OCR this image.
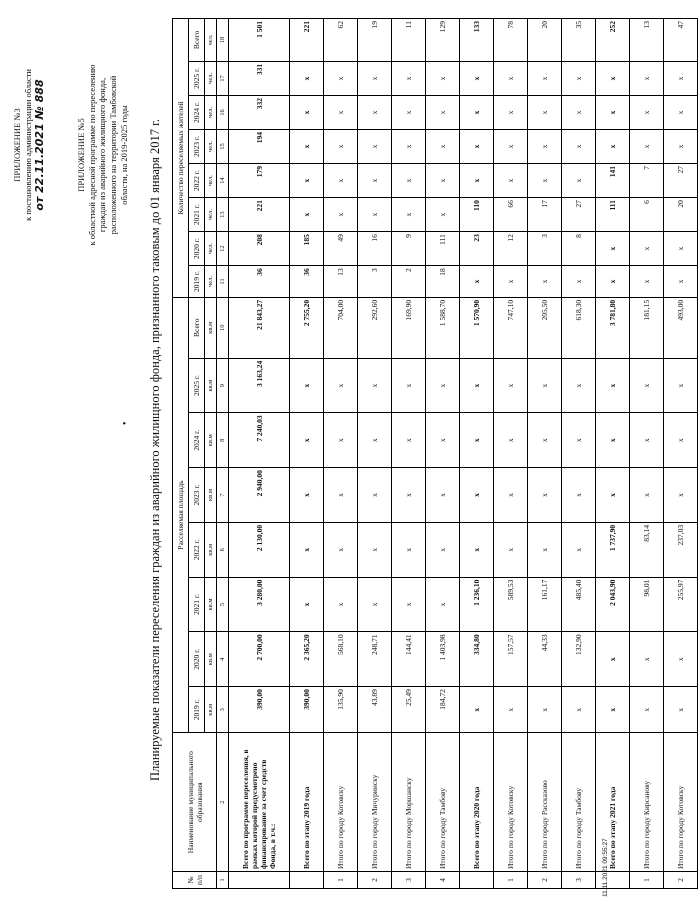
ПРИЛОЖЕНИЕ №3 к постановлению администрации области от 22.11.2021 № 888	ПРИЛОЖЕНИЕ №5 к областной адресной программе по переселению граждан из аварийного жилищного фонда, расположенного на территории Тамбовской области, на 2019-2025 годы
• Планируемые показатели переселения граждан из аварийного жилищного фонда, признанного таковым до 01 января 2017 г.
№ п/п	Наименование муниципального образования	Расселяемая площадь								Количество переселяемых жителей							
		2019 г.	2020 г.	2021 г.	2022 г.	2023 г.	2024 г.	2025 г.	Всего	2019 г.	2020 г.	2021 г.	2022 г.	2023 г.	2024 г.	2025 г.	Всего
		кв.м	кв.м	кв.м	кв.м	кв.м	кв.м	кв.м	кв.м	чел.	чел.	чел.	чел.	чел.	чел.	чел.	чел.
1	2	3	4	5	6	7	8	9	10	11	12	13	14	15	16	17	18
	Всего по программе переселения, в рамках которой предусмотрено финансирование за счет средств Фонда, в т.ч.:	390,00	2 700,00	3 280,00	2 130,00	2 940,00	7 240,03	3 163,24	21 843,27	36	208	221	179	194	332	331	1 501
	Всего по этапу 2019 года	390,00	2 365,20	x	x	x	x	x	2 755,20	36	185	x	x	x	x	x	221
1	Итого по городу Котовску	135,90	568,10	x	x	x	x	x	704,00	13	49	x	x	x	x	x	62
2	Итого по городу Мичуринску	43,89	248,71	x	x	x	x	x	292,60	3	16	x	x	x	x	x	19
3	Итого по городу Моршанску	25,49	144,41	x	x	x	x	x	169,90	2	9	x	x	x	x	x	11
4	Итого по городу Тамбову	184,72	1 403,98	x	x	x	x	x	1 588,70	18	111	x	x	x	x	x	129
	Всего по этапу 2020 года	x	334,80	1 236,10	x	x	x	x	1 570,90	x	23	110	x	x	x	x	133
1	Итого по городу Котовску	x	157,57	589,53	x	x	x	x	747,10	x	12	66	x	x	x	x	78
2	Итого по городу Рассказово	x	44,33	161,17	x	x	x	x	205,50	x	3	17	x	x	x	x	20
3	Итого по городу Тамбову	x	132,90	485,40	x	x	x	x	618,30	x	8	27	x	x	x	x	35
	Всего по этапу 2021 года	x	x	2 043,90	1 737,90	x	x	x	3 781,80	x	x	111	141	x	x	x	252
1	Итого по городу Кирсанову	x	x	98,01	83,14	x	x	x	181,15	x	x	6	7	x	x	x	13
2	Итого по городу Котовску	x	x	255,97	237,03	x	x	x	493,00	x	x	20	27	x	x	x	47
11.11.2021 09:55:27
